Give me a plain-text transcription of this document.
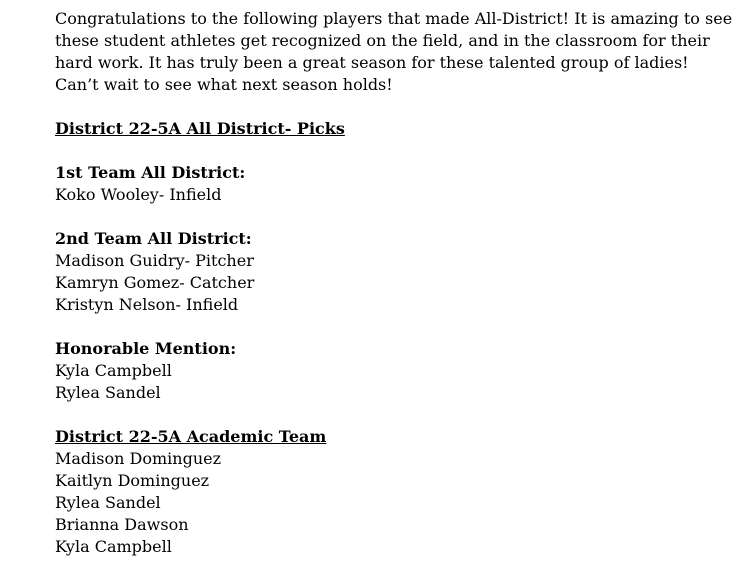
Congratulations to the following players that made All-District! It is amazing to see these student athletes get recognized on the field, and in the classroom for their hard work. It has truly been a great season for these talented group of ladies! Can’t wait to see what next season holds!

District 22-5A All District- Picks

1st Team All District:

Koko Wooley- Infield

2nd Team All District:

Madison Guidry- Pitcher

Kamryn Gomez- Catcher

Kristyn Nelson- Infield

Honorable Mention:

Kyla Campbell

Rylea Sandel

District 22-5A Academic Team

Madison Dominguez

Kaitlyn Dominguez

Rylea Sandel

Brianna Dawson

Kyla Campbell
